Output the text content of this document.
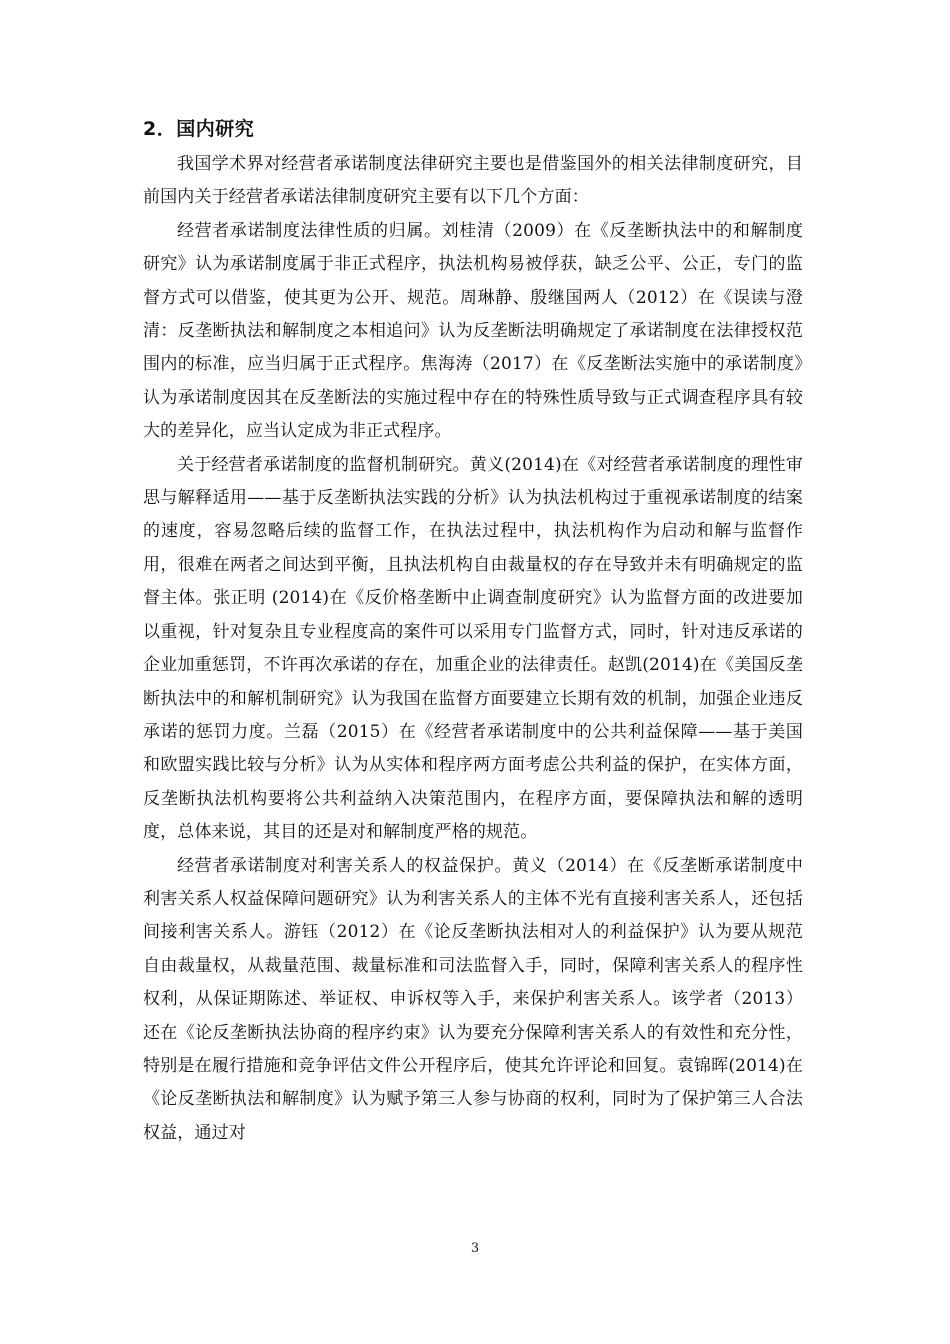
2．国内研究

我国学术界对经营者承诺制度法律研究主要也是借鉴国外的相关法律制度研究，目前国内关于经营者承诺法律制度研究主要有以下几个方面：

经营者承诺制度法律性质的归属。刘桂清（2009）在《反垄断执法中的和解制度研究》认为承诺制度属于非正式程序，执法机构易被俘获，缺乏公平、公正，专门的监督方式可以借鉴，使其更为公开、规范。周琳静、殷继国两人（2012）在《误读与澄清：反垄断执法和解制度之本相追问》认为反垄断法明确规定了承诺制度在法律授权范围内的标准，应当归属于正式程序。焦海涛（2017）在《反垄断法实施中的承诺制度》认为承诺制度因其在反垄断法的实施过程中存在的特殊性质导致与正式调查程序具有较大的差异化，应当认定成为非正式程序。

关于经营者承诺制度的监督机制研究。黄义(2014)在《对经营者承诺制度的理性审思与解释适用——基于反垄断执法实践的分析》认为执法机构过于重视承诺制度的结案的速度，容易忽略后续的监督工作，在执法过程中，执法机构作为启动和解与监督作用，很难在两者之间达到平衡，且执法机构自由裁量权的存在导致并未有明确规定的监督主体。张正明 (2014)在《反价格垄断中止调查制度研究》认为监督方面的改进要加以重视，针对复杂且专业程度高的案件可以采用专门监督方式，同时，针对违反承诺的企业加重惩罚，不许再次承诺的存在，加重企业的法律责任。赵凯(2014)在《美国反垄断执法中的和解机制研究》认为我国在监督方面要建立长期有效的机制，加强企业违反承诺的惩罚力度。兰磊（2015）在《经营者承诺制度中的公共利益保障——基于美国和欧盟实践比较与分析》认为从实体和程序两方面考虑公共利益的保护，在实体方面，反垄断执法机构要将公共利益纳入决策范围内，在程序方面，要保障执法和解的透明度，总体来说，其目的还是对和解制度严格的规范。

经营者承诺制度对利害关系人的权益保护。黄义（2014）在《反垄断承诺制度中利害关系人权益保障问题研究》认为利害关系人的主体不光有直接利害关系人，还包括间接利害关系人。游钰（2012）在《论反垄断执法相对人的利益保护》认为要从规范自由裁量权，从裁量范围、裁量标准和司法监督入手，同时，保障利害关系人的程序性权利，从保证期陈述、举证权、申诉权等入手，来保护利害关系人。该学者（2013）还在《论反垄断执法协商的程序约束》认为要充分保障利害关系人的有效性和充分性，特别是在履行措施和竞争评估文件公开程序后，使其允许评论和回复。袁锦晖(2014)在《论反垄断执法和解制度》认为赋予第三人参与协商的权利，同时为了保护第三人合法权益，通过对

3
